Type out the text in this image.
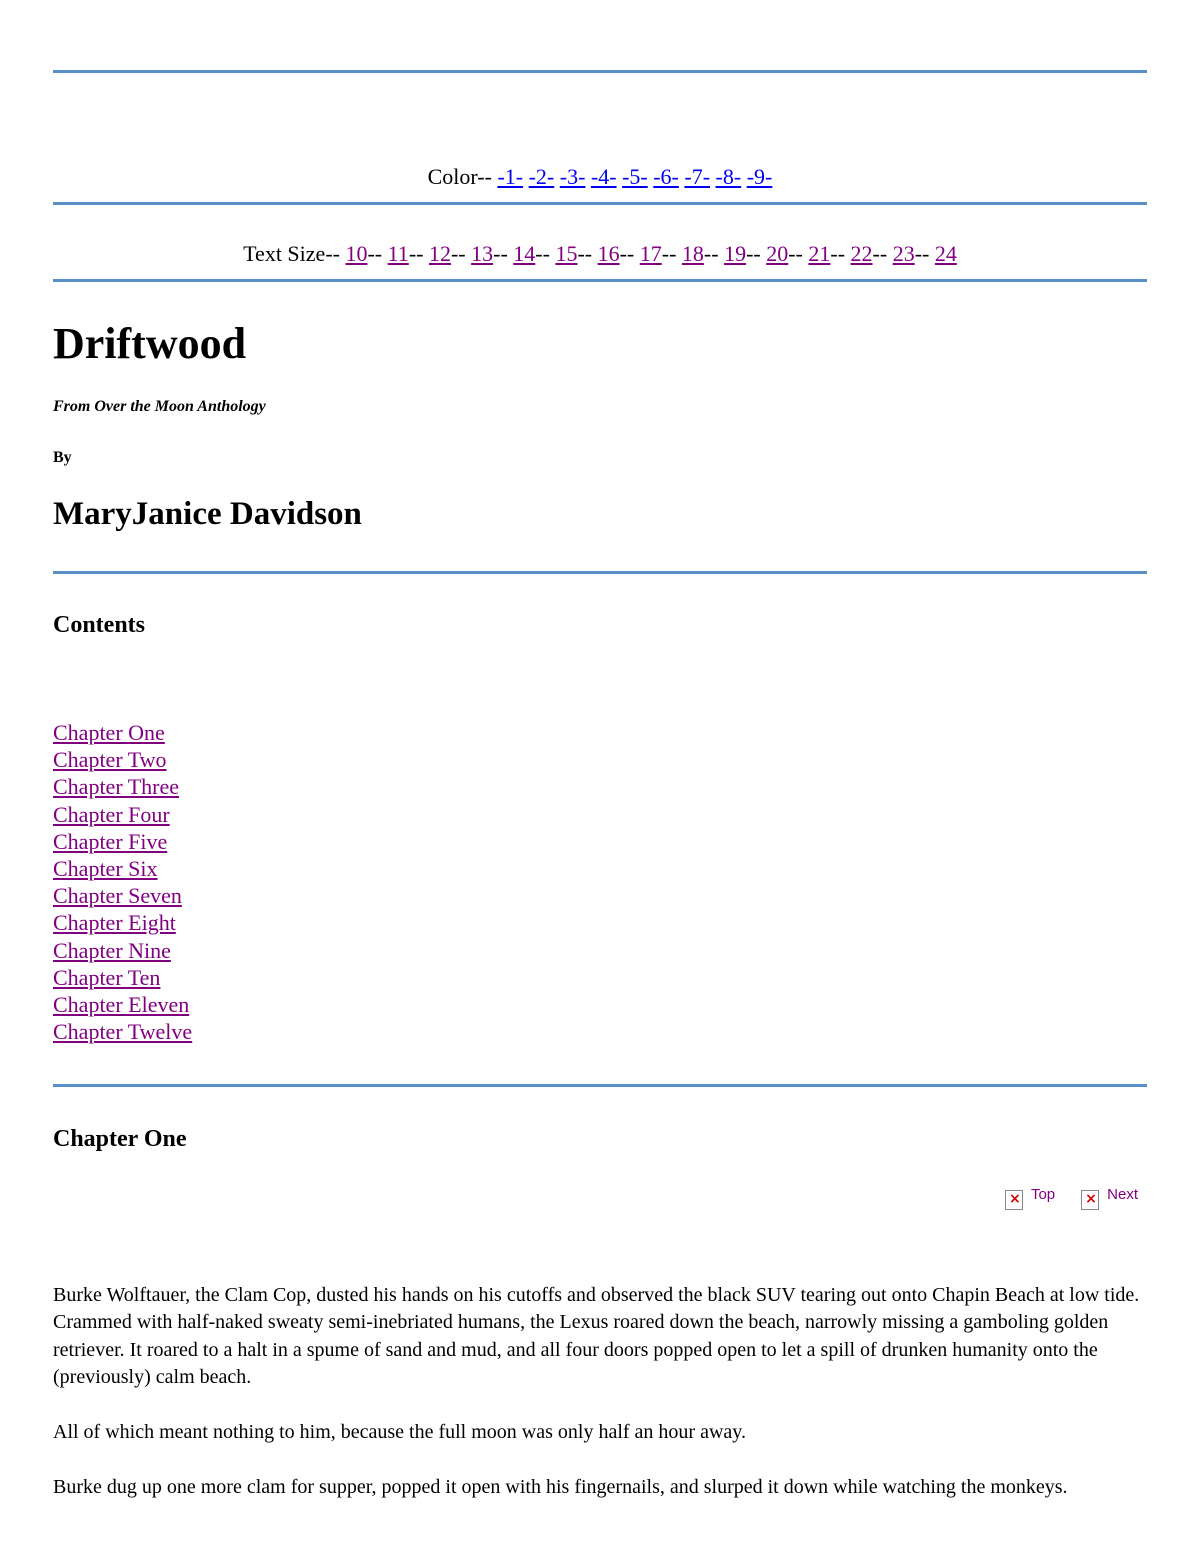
Color-- -1- -2- -3- -4- -5- -6- -7- -8- -9-
Text Size-- 10-- 11-- 12-- 13-- 14-- 15-- 16-- 17-- 18-- 19-- 20-- 21-- 22-- 23-- 24
Driftwood
From Over the Moon Anthology
By
MaryJanice Davidson
Contents
Chapter One
Chapter Two
Chapter Three
Chapter Four
Chapter Five
Chapter Six
Chapter Seven
Chapter Eight
Chapter Nine
Chapter Ten
Chapter Eleven
Chapter Twelve
Chapter One
×
Top
×	Next

Burke Wolftauer, the Clam Cop, dusted his hands on his cutoffs and observed the black SUV tearing out onto Chapin Beach at low tide. Crammed with half-naked sweaty semi-inebriated humans, the Lexus roared down the beach, narrowly missing a gamboling golden retriever. It roared to a halt in a spume of sand and mud, and all four doors popped open to let a spill of drunken humanity onto the (previously) calm beach.

All of which meant nothing to him, because the full moon was only half an hour away.

Burke dug up one more clam for supper, popped it open with his fingernails, and slurped it down while watching the monkeys.
